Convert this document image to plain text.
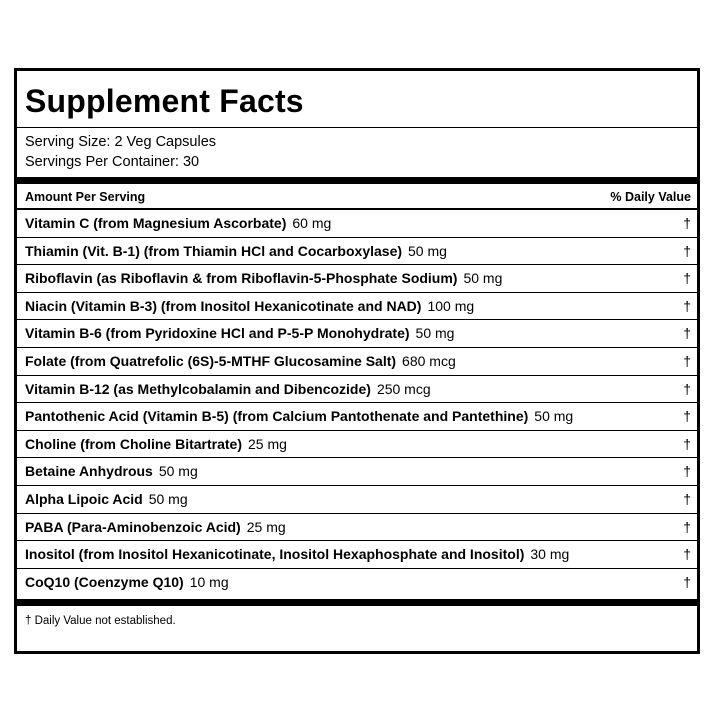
Supplement Facts
Serving Size: 2 Veg Capsules
Servings Per Container: 30
Amount Per Serving	% Daily Value
Vitamin C (from Magnesium Ascorbate) 60 mg	†
Thiamin (Vit. B-1) (from Thiamin HCl and Cocarboxylase) 50 mg	†
Riboflavin (as Riboflavin & from Riboflavin-5-Phosphate Sodium) 50 mg	†
Niacin (Vitamin B-3) (from Inositol Hexanicotinate and NAD) 100 mg	†
Vitamin B-6 (from Pyridoxine HCl and P-5-P Monohydrate) 50 mg	†
Folate (from Quatrefolic (6S)-5-MTHF Glucosamine Salt) 680 mcg	†
Vitamin B-12 (as Methylcobalamin and Dibencozide) 250 mcg	†
Pantothenic Acid (Vitamin B-5) (from Calcium Pantothenate and Pantethine) 50 mg	†
Choline (from Choline Bitartrate) 25 mg	†
Betaine Anhydrous 50 mg	†
Alpha Lipoic Acid 50 mg	†
PABA (Para-Aminobenzoic Acid) 25 mg	†
Inositol (from Inositol Hexanicotinate, Inositol Hexaphosphate and Inositol) 30 mg	†
CoQ10 (Coenzyme Q10) 10 mg	†
† Daily Value not established.
